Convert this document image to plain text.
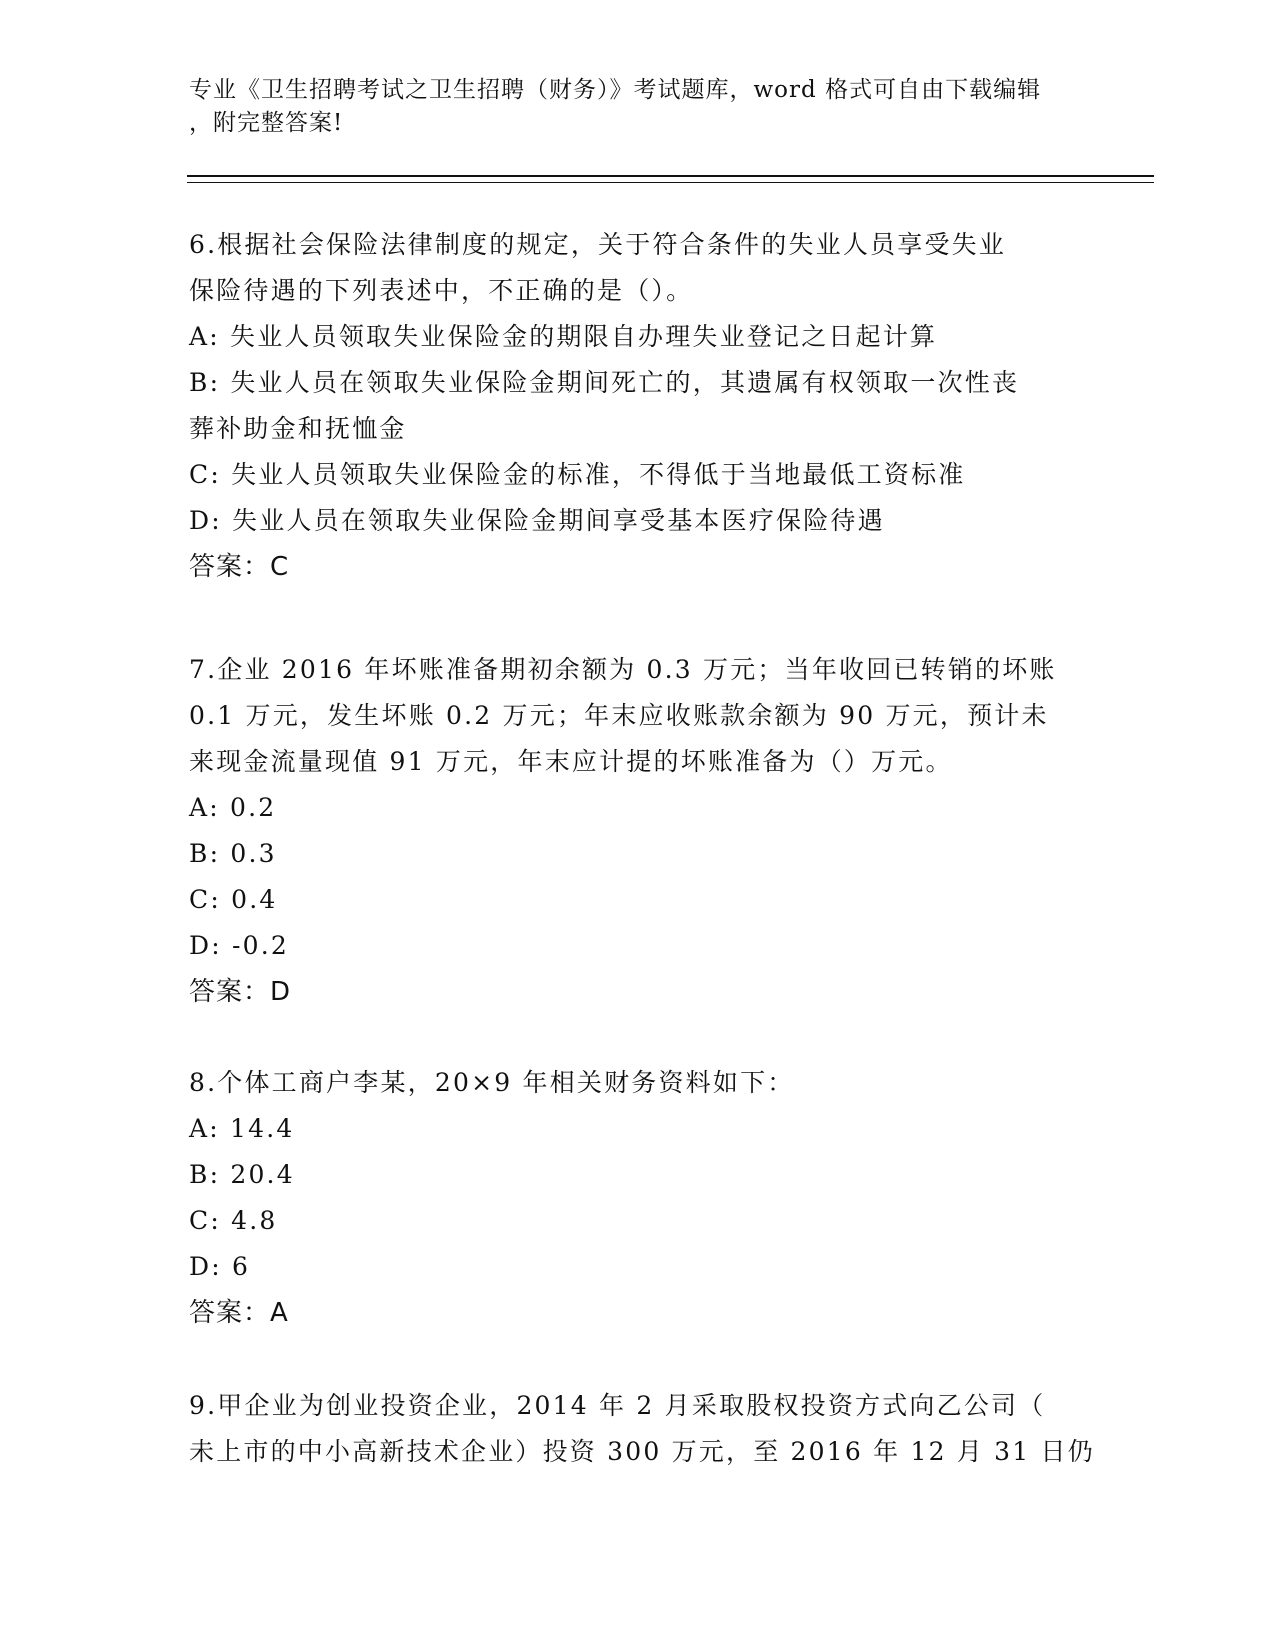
专业《卫生招聘考试之卫生招聘（财务）》考试题库，word 格式可自由下载编辑
，附完整答案!
6.根据社会保险法律制度的规定，关于符合条件的失业人员享受失业
保险待遇的下列表述中，不正确的是（）。
A: 失业人员领取失业保险金的期限自办理失业登记之日起计算
B: 失业人员在领取失业保险金期间死亡的，其遗属有权领取一次性丧
葬补助金和抚恤金
C: 失业人员领取失业保险金的标准，不得低于当地最低工资标准
D: 失业人员在领取失业保险金期间享受基本医疗保险待遇
答案：C
7.企业 2016 年坏账准备期初余额为 0.3 万元；当年收回已转销的坏账
0.1 万元，发生坏账 0.2 万元；年末应收账款余额为 90 万元，预计未
来现金流量现值 91 万元，年末应计提的坏账准备为（）万元。
A: 0.2
B: 0.3
C: 0.4
D: -0.2
答案：D
8.个体工商户李某，20×9 年相关财务资料如下：
A: 14.4
B: 20.4
C: 4.8
D: 6
答案：A
9.甲企业为创业投资企业，2014 年 2 月采取股权投资方式向乙公司（
未上市的中小高新技术企业）投资 300 万元，至 2016 年 12 月 31 日仍
